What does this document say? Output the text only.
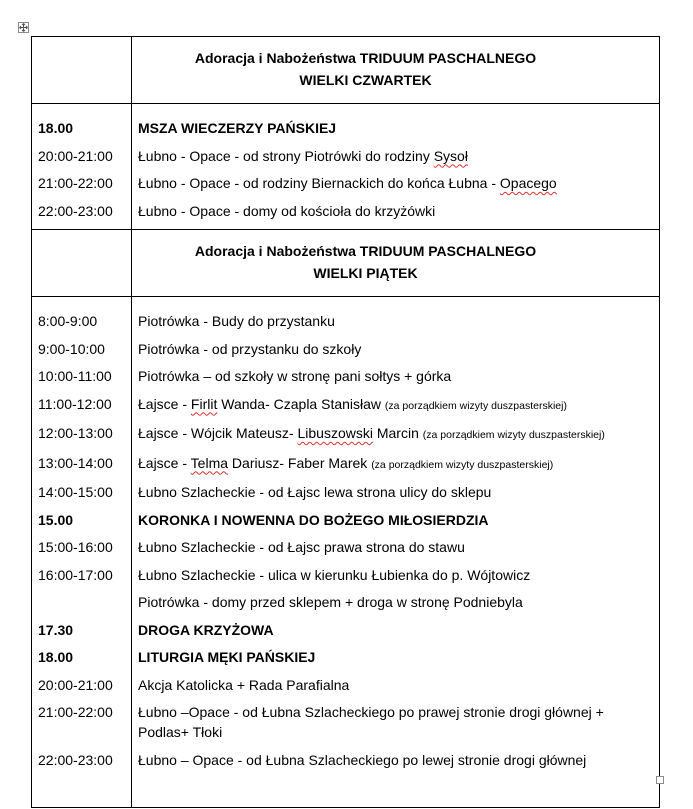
	Adoracja i Nabożeństwa TRIDUUM PASCHALNEGO
WIELKI CZWARTEK

18.00	MSZA WIECZERZY PAŃSKIEJ

20:00-21:00	Łubno - Opace - od strony Piotrówki do rodziny Sysoł

21:00-22:00	Łubno - Opace - od rodziny Biernackich do końca Łubna - Opacego

22:00-23:00	Łubno - Opace - domy od kościoła do krzyżówki

	Adoracja i Nabożeństwa TRIDUUM PASCHALNEGO
WIELKI PIĄTEK

8:00-9:00	Piotrówka - Budy do przystanku

9:00-10:00	Piotrówka - od przystanku do szkoły

10:00-11:00	Piotrówka – od szkoły w stronę pani sołtys + górka

11:00-12:00	Łajsce - Firlit Wanda- Czapla Stanisław (za porządkiem wizyty duszpasterskiej)

12:00-13:00	Łajsce - Wójcik Mateusz- Libuszowski Marcin (za porządkiem wizyty duszpasterskiej)

13:00-14:00	Łajsce - Telma Dariusz- Faber Marek (za porządkiem wizyty duszpasterskiej)

14:00-15:00	Łubno Szlacheckie - od Łajsc lewa strona ulicy do sklepu

15.00	KORONKA I NOWENNA DO BOŻEGO MIŁOSIERDZIA

15:00-16:00	Łubno Szlacheckie - od Łajsc prawa strona do stawu

16:00-17:00	Łubno Szlacheckie - ulica w kierunku Łubienka do p. Wójtowicz

	Piotrówka - domy przed sklepem + droga w stronę Podniebyla

17.30	DROGA KRZYŻOWA

18.00	LITURGIA MĘKI PAŃSKIEJ

20:00-21:00	Akcja Katolicka + Rada Parafialna

21:00-22:00	Łubno –Opace - od Łubna Szlacheckiego po prawej stronie drogi głównej + Podlas+ Tłoki

22:00-23:00	Łubno – Opace - od Łubna Szlacheckiego po lewej stronie drogi głównej
